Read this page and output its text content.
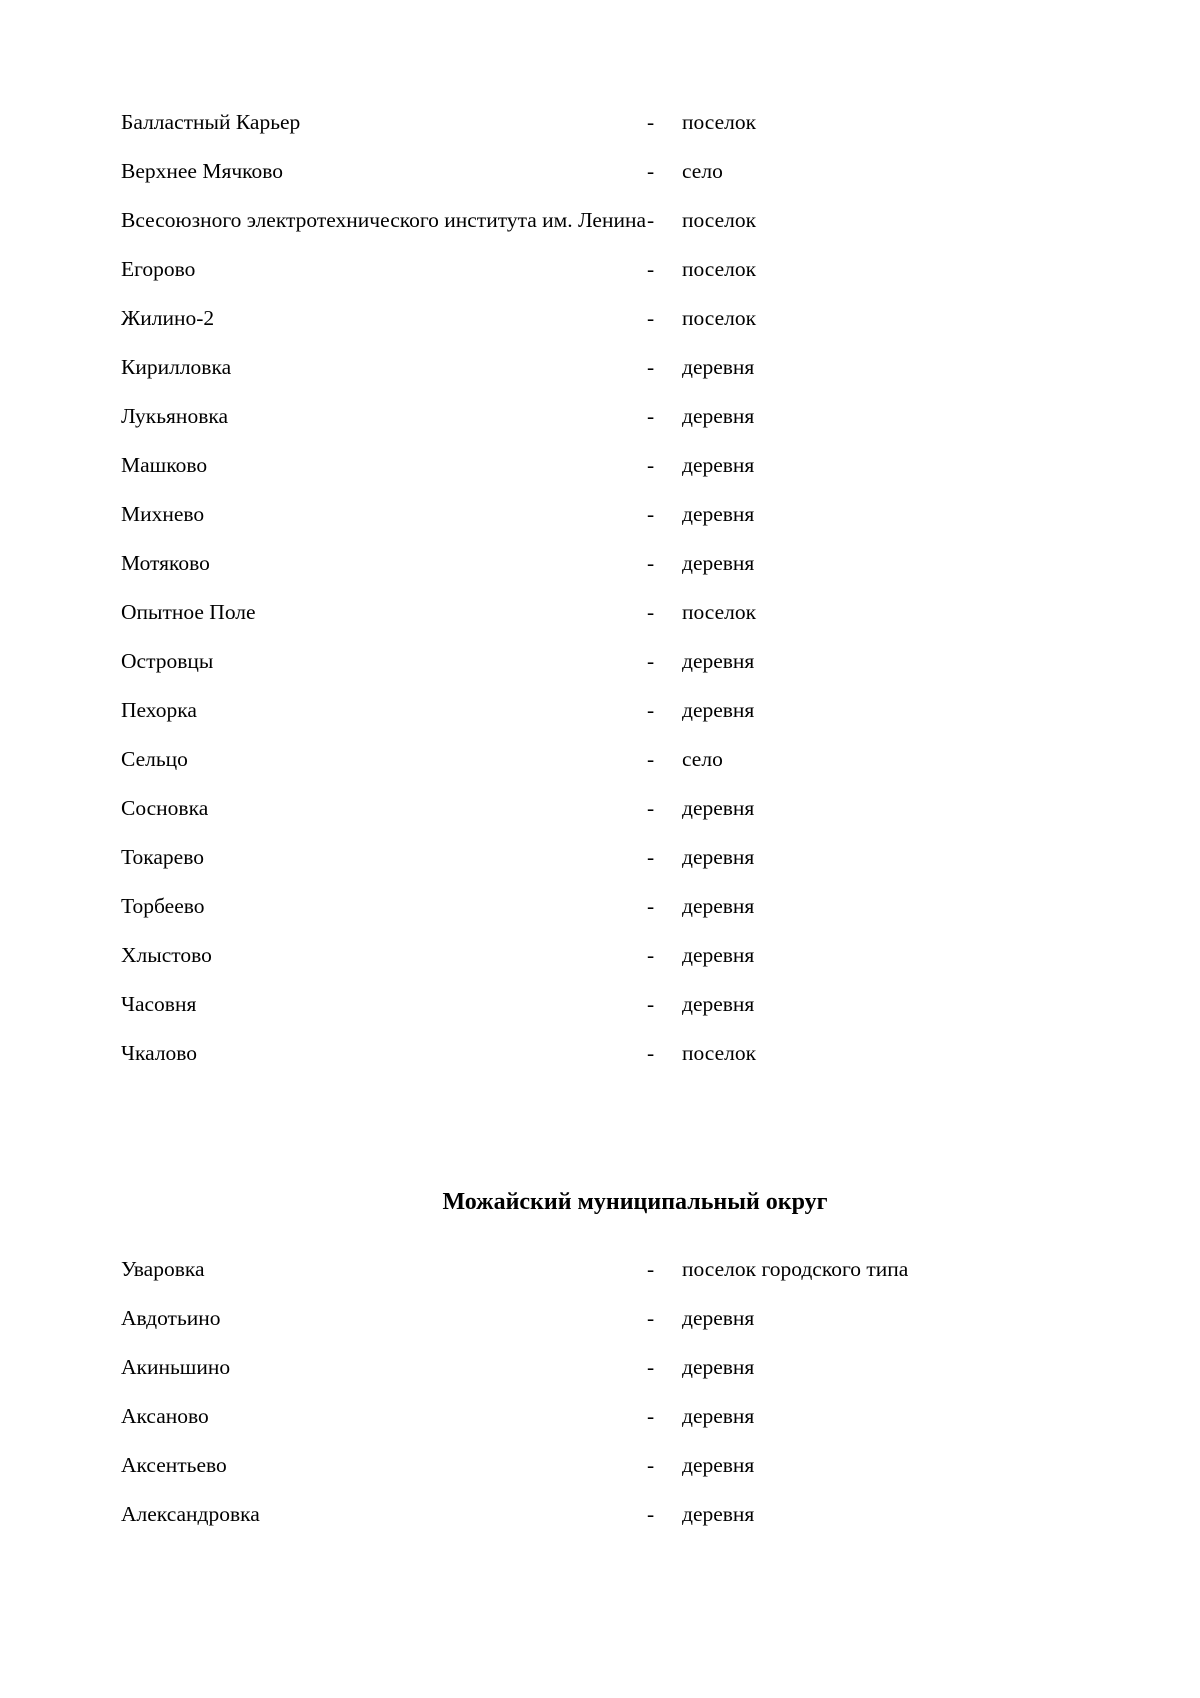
Балластный Карьер	-	поселок
Верхнее Мячково	-	село
Всесоюзного электротехнического института им. Ленина -	поселок
Егорово	-	поселок
Жилино-2	-	поселок
Кирилловка	-	деревня
Лукьяновка	-	деревня
Машково	-	деревня
Михнево	-	деревня
Мотяково	-	деревня
Опытное Поле	-	поселок
Островцы	-	деревня
Пехорка	-	деревня
Сельцо	-	село
Сосновка	-	деревня
Токарево	-	деревня
Торбеево	-	деревня
Хлыстово	-	деревня
Часовня	-	деревня
Чкалово	-	поселок
Можайский муниципальный округ
Уваровка	-	поселок городского типа
Авдотьино	-	деревня
Акиньшино	-	деревня
Аксаново	-	деревня
Аксентьево	-	деревня
Александровка	-	деревня
